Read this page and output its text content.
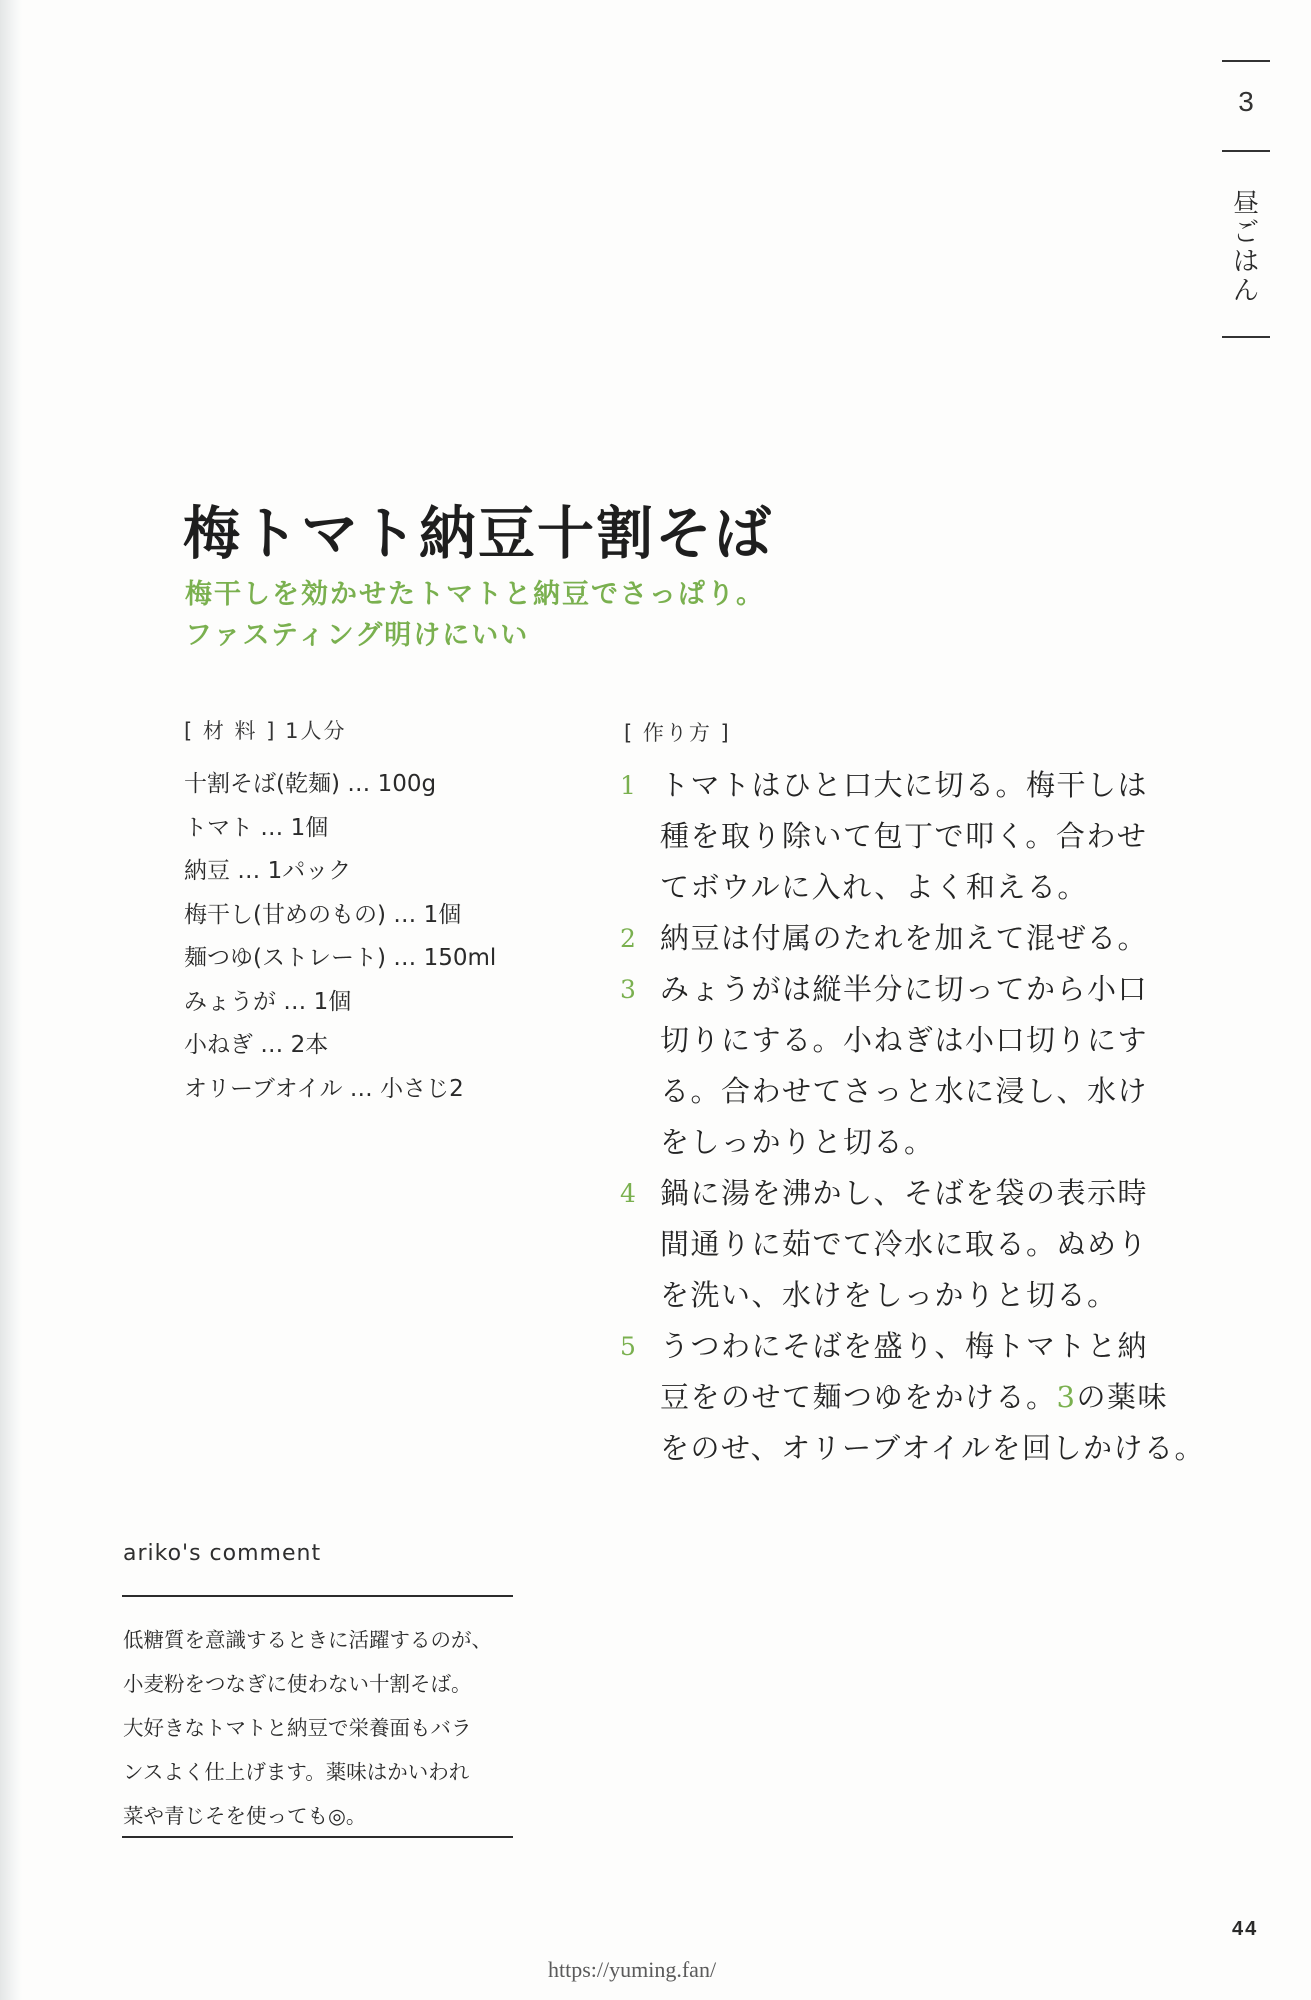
3
昼ごはん
梅トマト納豆十割そば
梅干しを効かせたトマトと納豆でさっぱり。
ファスティング明けにいい
[ 材 料 ] 1人分
十割そば(乾麺) … 100g
トマト … 1個
納豆 … 1パック
梅干し(甘めのもの) … 1個
麺つゆ(ストレート) … 150ml
みょうが … 1個
小ねぎ … 2本
オリーブオイル … 小さじ2
[ 作り方 ]
1 トマトはひと口大に切る。梅干しは
種を取り除いて包丁で叩く。合わせ
てボウルに入れ、よく和える。
2 納豆は付属のたれを加えて混ぜる。
3 みょうがは縦半分に切ってから小口
切りにする。小ねぎは小口切りにす
る。合わせてさっと水に浸し、水け
をしっかりと切る。
4 鍋に湯を沸かし、そばを袋の表示時
間通りに茹でて冷水に取る。ぬめり
を洗い、水けをしっかりと切る。
5 うつわにそばを盛り、梅トマトと納
豆をのせて麺つゆをかける。3の薬味
をのせ、オリーブオイルを回しかける。
ariko's comment
低糖質を意識するときに活躍するのが、
小麦粉をつなぎに使わない十割そば。
大好きなトマトと納豆で栄養面もバラ
ンスよく仕上げます。薬味はかいわれ
菜や青じそを使っても◎。
44
https://yuming.fan/
